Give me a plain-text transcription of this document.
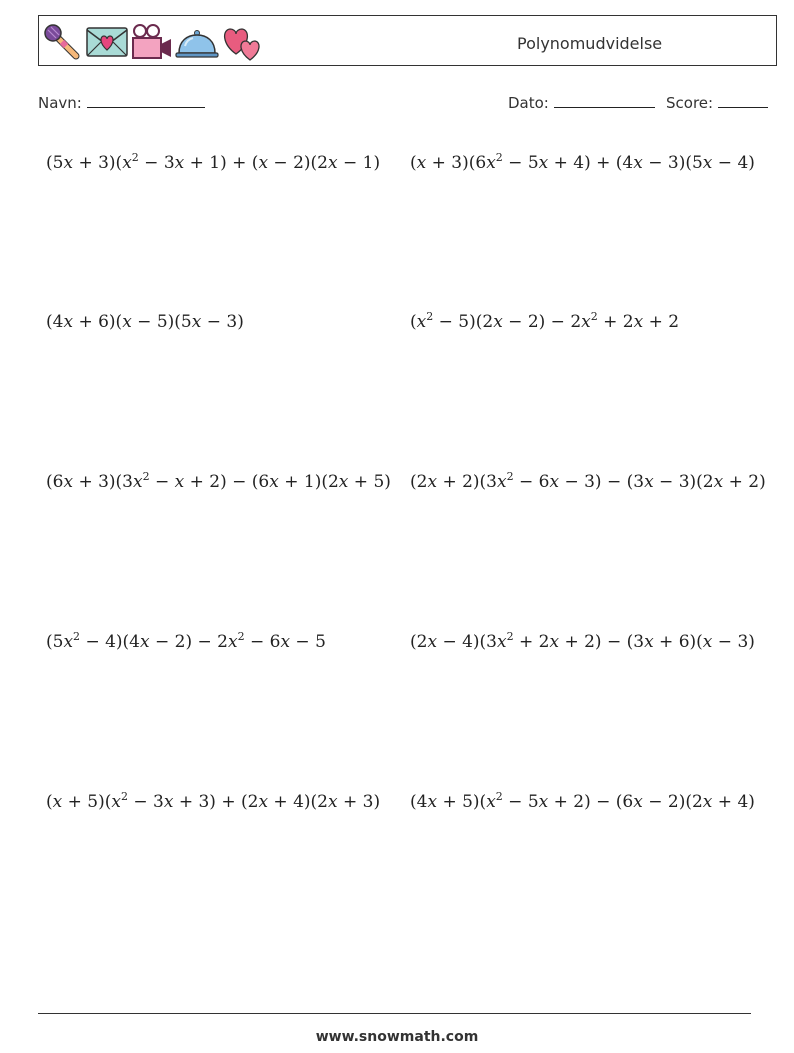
Polynomudvidelse
Navn:	Dato:	Score:
$(5x + 3)(x^2 - 3x + 1) + (x - 2)(2x - 1)$ $(x + 3)(6x^2 - 5x + 4) + (4x - 3)(5x - 4)$
(4x + 6)(x − 5)(5x − 3)	$(x^2 - 5)(2x - 2) - 2x^2 + 2x + 2$
$(6x + 3)(3x^2 - x + 2) - (6x + 1)(2x + 5)$ $(2x + 2)(3x^2 - 6x - 3) - (3x - 3)(2x + 2)$
$(5x^2 - 4)(4x - 2) - 2x^2 - 6x - 5$	$(2x - 4)(3x^2 + 2x + 2) - (3x + 6)(x - 3)$
$(x + 5)(x^2 - 3x + 3) + (2x + 4)(2x + 3)$ $(4x + 5)(x^2 - 5x + 2) - (6x - 2)(2x + 4)$
www.snowmath.com
